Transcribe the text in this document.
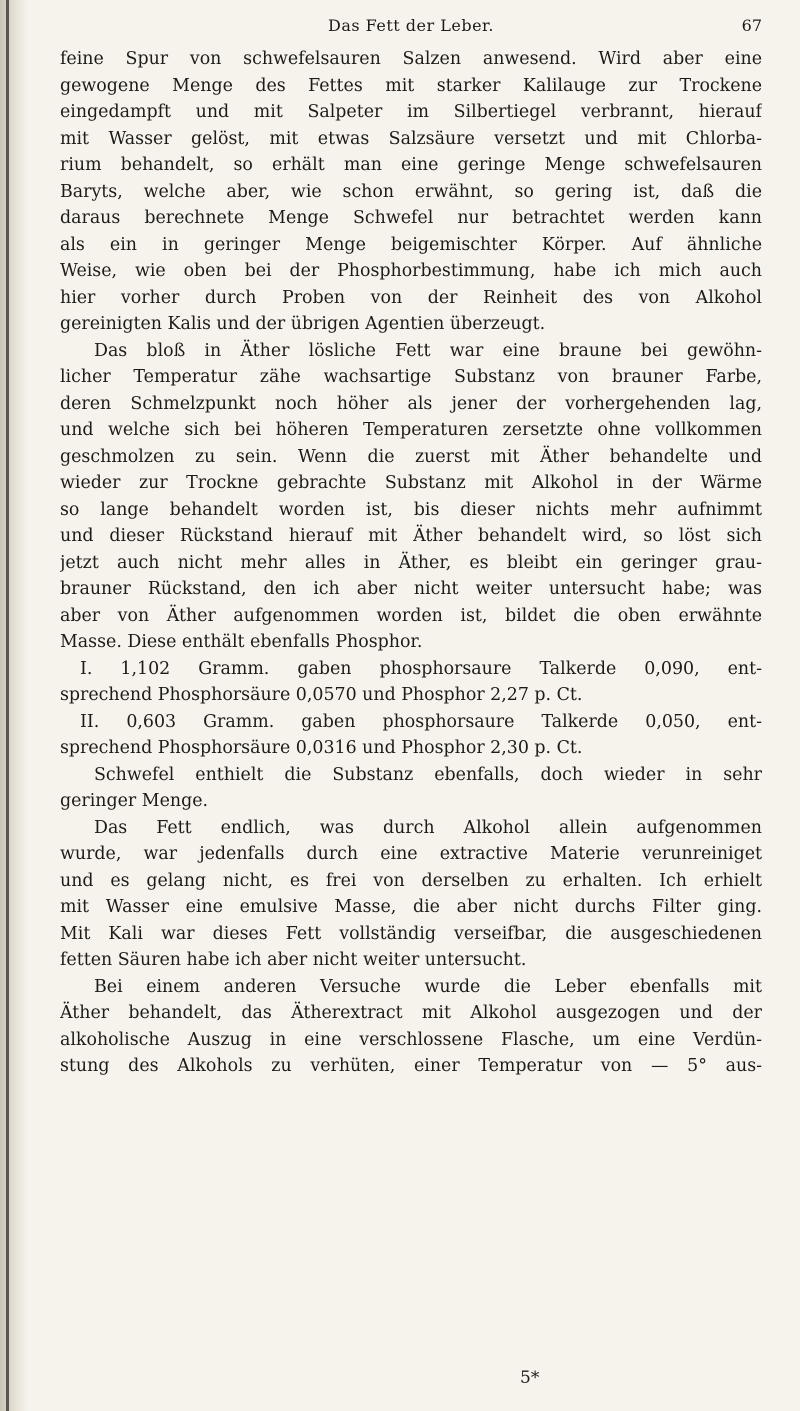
Das Fett der Leber.	67
feine Spur von schwefelsauren Salzen anwesend. Wird aber eine
gewogene Menge des Fettes mit starker Kalilauge zur Trockene
eingedampft und mit Salpeter im Silbertiegel verbrannt, hierauf
mit Wasser gelöst, mit etwas Salzsäure versetzt und mit Chlorba-
rium behandelt, so erhält man eine geringe Menge schwefelsauren
Baryts, welche aber, wie schon erwähnt, so gering ist, daß die
daraus berechnete Menge Schwefel nur betrachtet werden kann
als ein in geringer Menge beigemischter Körper. Auf ähnliche
Weise, wie oben bei der Phosphorbestimmung, habe ich mich auch
hier vorher durch Proben von der Reinheit des von Alkohol
gereinigten Kalis und der übrigen Agentien überzeugt.
Das bloß in Äther lösliche Fett war eine braune bei gewöhn-
licher Temperatur zähe wachsartige Substanz von brauner Farbe,
deren Schmelzpunkt noch höher als jener der vorhergehenden lag,
und welche sich bei höheren Temperaturen zersetzte ohne vollkommen
geschmolzen zu sein. Wenn die zuerst mit Äther behandelte und
wieder zur Trockne gebrachte Substanz mit Alkohol in der Wärme
so lange behandelt worden ist, bis dieser nichts mehr aufnimmt
und dieser Rückstand hierauf mit Äther behandelt wird, so löst sich
jetzt auch nicht mehr alles in Äther, es bleibt ein geringer grau-
brauner Rückstand, den ich aber nicht weiter untersucht habe; was
aber von Äther aufgenommen worden ist, bildet die oben erwähnte
Masse. Diese enthält ebenfalls Phosphor.
I. 1,102 Gramm. gaben phosphorsaure Talkerde 0,090, ent-
sprechend Phosphorsäure 0,0570 und Phosphor 2,27 p. Ct.
II. 0,603 Gramm. gaben phosphorsaure Talkerde 0,050, ent-
sprechend Phosphorsäure 0,0316 und Phosphor 2,30 p. Ct.
Schwefel enthielt die Substanz ebenfalls, doch wieder in sehr
geringer Menge.
Das Fett endlich, was durch Alkohol allein aufgenommen
wurde, war jedenfalls durch eine extractive Materie verunreiniget
und es gelang nicht, es frei von derselben zu erhalten. Ich erhielt
mit Wasser eine emulsive Masse, die aber nicht durchs Filter ging.
Mit Kali war dieses Fett vollständig verseifbar, die ausgeschiedenen
fetten Säuren habe ich aber nicht weiter untersucht.
Bei einem anderen Versuche wurde die Leber ebenfalls mit
Äther behandelt, das Ätherextract mit Alkohol ausgezogen und der
alkoholische Auszug in eine verschlossene Flasche, um eine Verdün-
stung des Alkohols zu verhüten, einer Temperatur von — 5° aus-
5*
